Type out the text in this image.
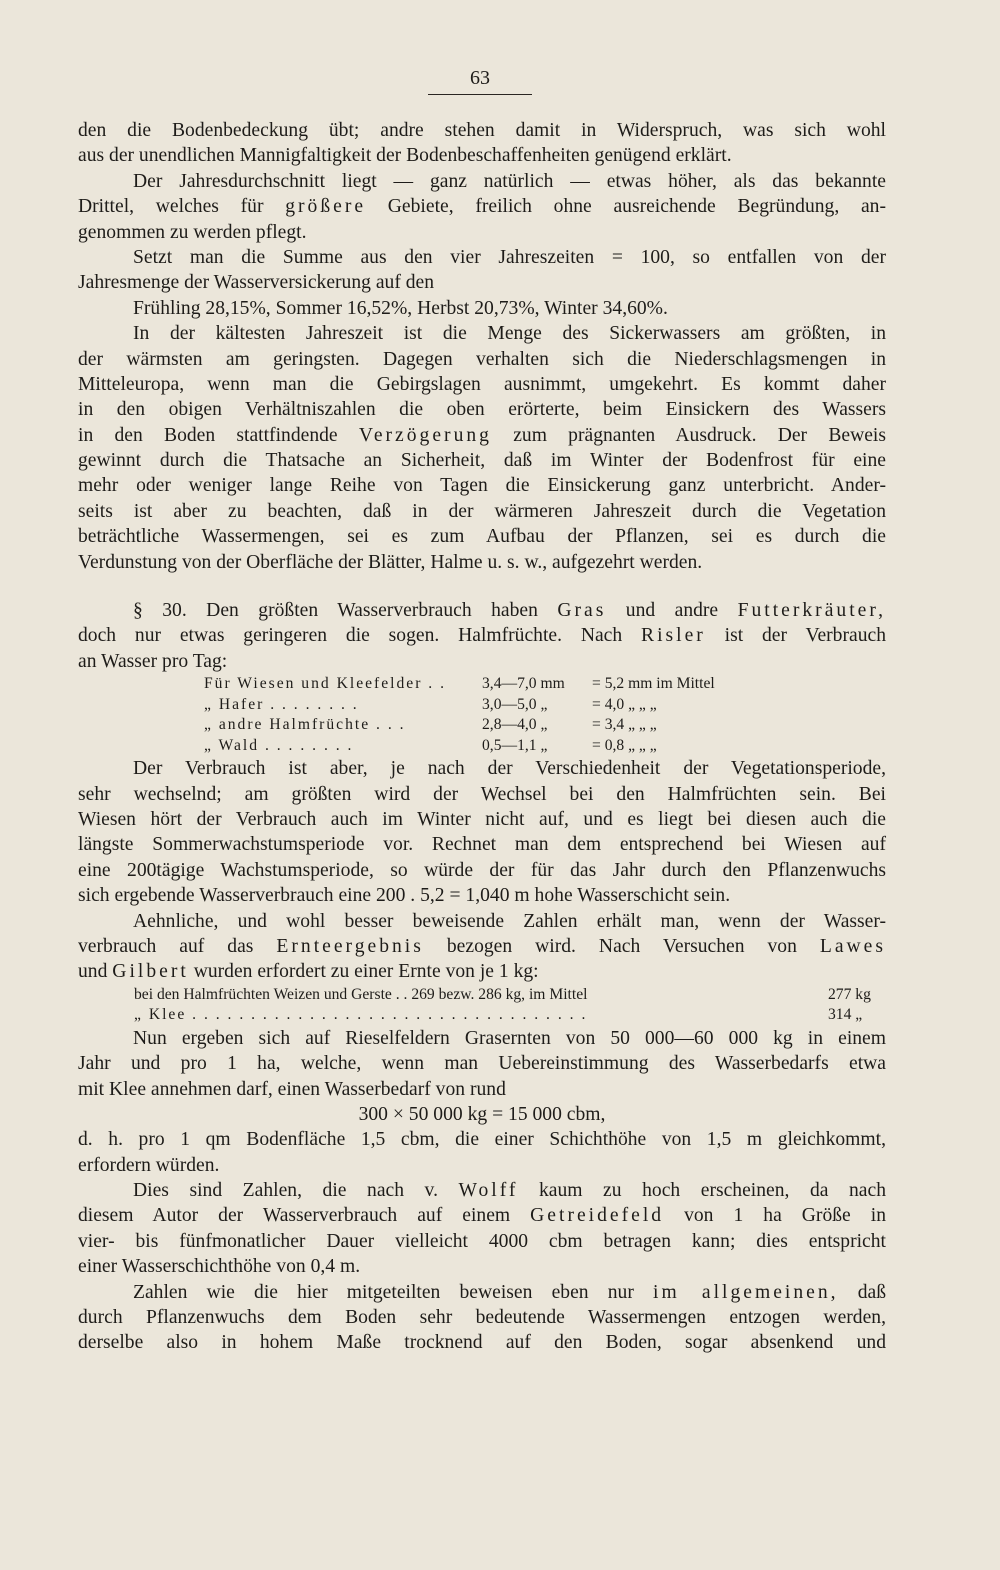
63
den die Bodenbedeckung übt; andre stehen damit in Widerspruch, was sich wohl
aus der unendlichen Mannigfaltigkeit der Bodenbeschaffenheiten genügend erklärt.
Der Jahresdurchschnitt liegt — ganz natürlich — etwas höher, als das bekannte
Drittel, welches für größere Gebiete, freilich ohne ausreichende Begründung, an-
genommen zu werden pflegt.
Setzt man die Summe aus den vier Jahreszeiten = 100, so entfallen von der
Jahresmenge der Wasserversickerung auf den
Frühling 28,15%, Sommer 16,52%, Herbst 20,73%, Winter 34,60%.
In der kältesten Jahreszeit ist die Menge des Sickerwassers am größten, in
der wärmsten am geringsten. Dagegen verhalten sich die Niederschlagsmengen in
Mitteleuropa, wenn man die Gebirgslagen ausnimmt, umgekehrt. Es kommt daher
in den obigen Verhältniszahlen die oben erörterte, beim Einsickern des Wassers
in den Boden stattfindende Verzögerung zum prägnanten Ausdruck. Der Beweis
gewinnt durch die Thatsache an Sicherheit, daß im Winter der Bodenfrost für eine
mehr oder weniger lange Reihe von Tagen die Einsickerung ganz unterbricht. Ander-
seits ist aber zu beachten, daß in der wärmeren Jahreszeit durch die Vegetation
beträchtliche Wassermengen, sei es zum Aufbau der Pflanzen, sei es durch die
Verdunstung von der Oberfläche der Blätter, Halme u. s. w., aufgezehrt werden.
§ 30. Den größten Wasserverbrauch haben Gras und andre Futterkräuter,
doch nur etwas geringeren die sogen. Halmfrüchte. Nach Risler ist der Verbrauch
an Wasser pro Tag:
Für Wiesen und Kleefelder . .	3,4—7,0 mm	= 5,2 mm im Mittel
„ Hafer . . . . . . . .	3,0—5,0 „	= 4,0 „ „ „
„ andre Halmfrüchte . . .	2,8—4,0 „	= 3,4 „ „ „
„ Wald . . . . . . . .	0,5—1,1 „	= 0,8 „ „ „
Der Verbrauch ist aber, je nach der Verschiedenheit der Vegetationsperiode,
sehr wechselnd; am größten wird der Wechsel bei den Halmfrüchten sein. Bei
Wiesen hört der Verbrauch auch im Winter nicht auf, und es liegt bei diesen auch die
längste Sommerwachstumsperiode vor. Rechnet man dem entsprechend bei Wiesen auf
eine 200tägige Wachstumsperiode, so würde der für das Jahr durch den Pflanzenwuchs
sich ergebende Wasserverbrauch eine 200 . 5,2 = 1,040 m hohe Wasserschicht sein.
Aehnliche, und wohl besser beweisende Zahlen erhält man, wenn der Wasser-
verbrauch auf das Ernteergebnis bezogen wird. Nach Versuchen von Lawes
und Gilbert wurden erfordert zu einer Ernte von je 1 kg:
bei den Halmfrüchten Weizen und Gerste . . 269 bezw. 286 kg, im Mittel	277 kg
„ Klee . . . . . . . . . . . . . . . . . . . . . . . . . . . . . . . . . .	314 „
Nun ergeben sich auf Rieselfeldern Grasernten von 50 000—60 000 kg in einem
Jahr und pro 1 ha, welche, wenn man Uebereinstimmung des Wasserbedarfs etwa
mit Klee annehmen darf, einen Wasserbedarf von rund
300 × 50 000 kg = 15 000 cbm,
d. h. pro 1 qm Bodenfläche 1,5 cbm, die einer Schichthöhe von 1,5 m gleichkommt,
erfordern würden.
Dies sind Zahlen, die nach v. Wolff kaum zu hoch erscheinen, da nach
diesem Autor der Wasserverbrauch auf einem Getreidefeld von 1 ha Größe in
vier- bis fünfmonatlicher Dauer vielleicht 4000 cbm betragen kann; dies entspricht
einer Wasserschichthöhe von 0,4 m.
Zahlen wie die hier mitgeteilten beweisen eben nur im allgemeinen, daß
durch Pflanzenwuchs dem Boden sehr bedeutende Wassermengen entzogen werden,
derselbe also in hohem Maße trocknend auf den Boden, sogar absenkend und
